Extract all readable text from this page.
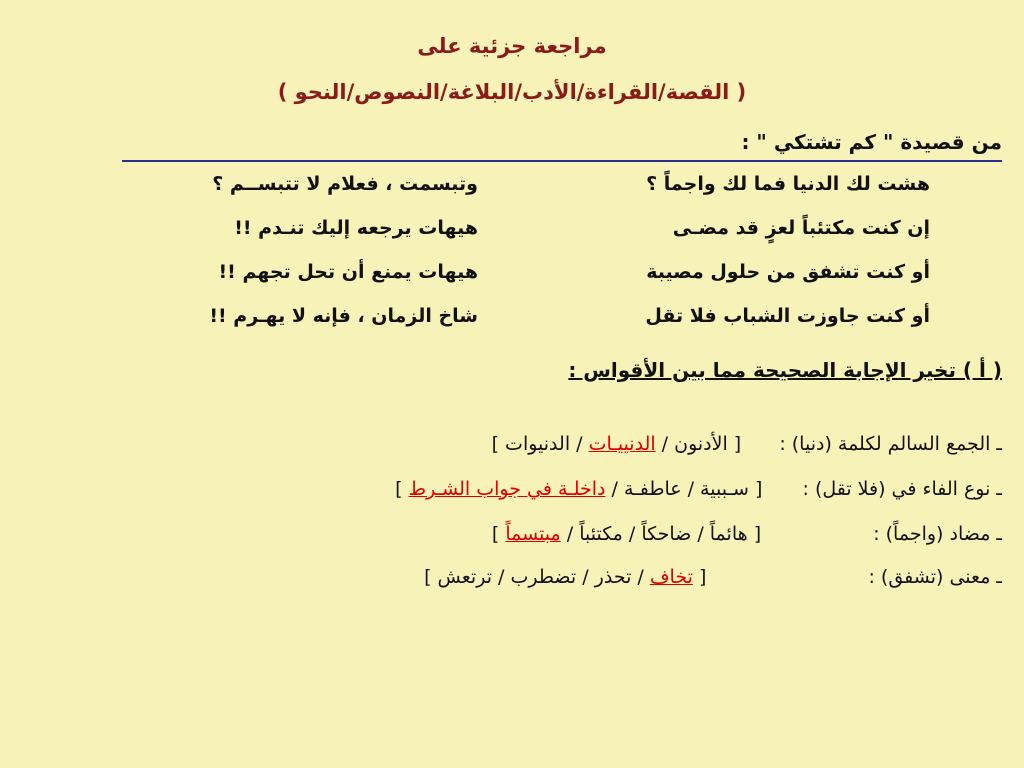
مراجعة جزئية على
( القصة/القراءة/الأدب/البلاغة/النصوص/النحو )
من قصيدة " كم تشتكي " :
هشت لك الدنيا فما لك واجماً ؟
وتبسمت ، فعلام لا تتبســم ؟
إن كنت مكتئباً لعزٍ قد مضـى
هيهات يرجعه إليك تنـدم !!
أو كنت تشفق من حلول مصيبة
هيهات يمنع أن تحل تجهم !!
أو كنت جاوزت الشباب فلا تقل
شاخ الزمان ، فإنه لا يهـرم !!
( أ ) تخير الإجابة الصحيحة مما بين الأقواس :
ـ الجمع السالم لكلمة (دنيا) :  [ الأدنون / الدنييـات / الدنيوات ]
ـ نوع الفاء في (فلا تقل) :  [ سـببية / عاطفـة / داخلـة في جواب الشـرط ]
ـ مضاد (واجماً) :  [ هائماً / ضاحكاً / مكتئباً / مبتسماً ]
ـ معنى (تشفق) :  [ تخاف / تحذر / تضطرب / ترتعش ]
